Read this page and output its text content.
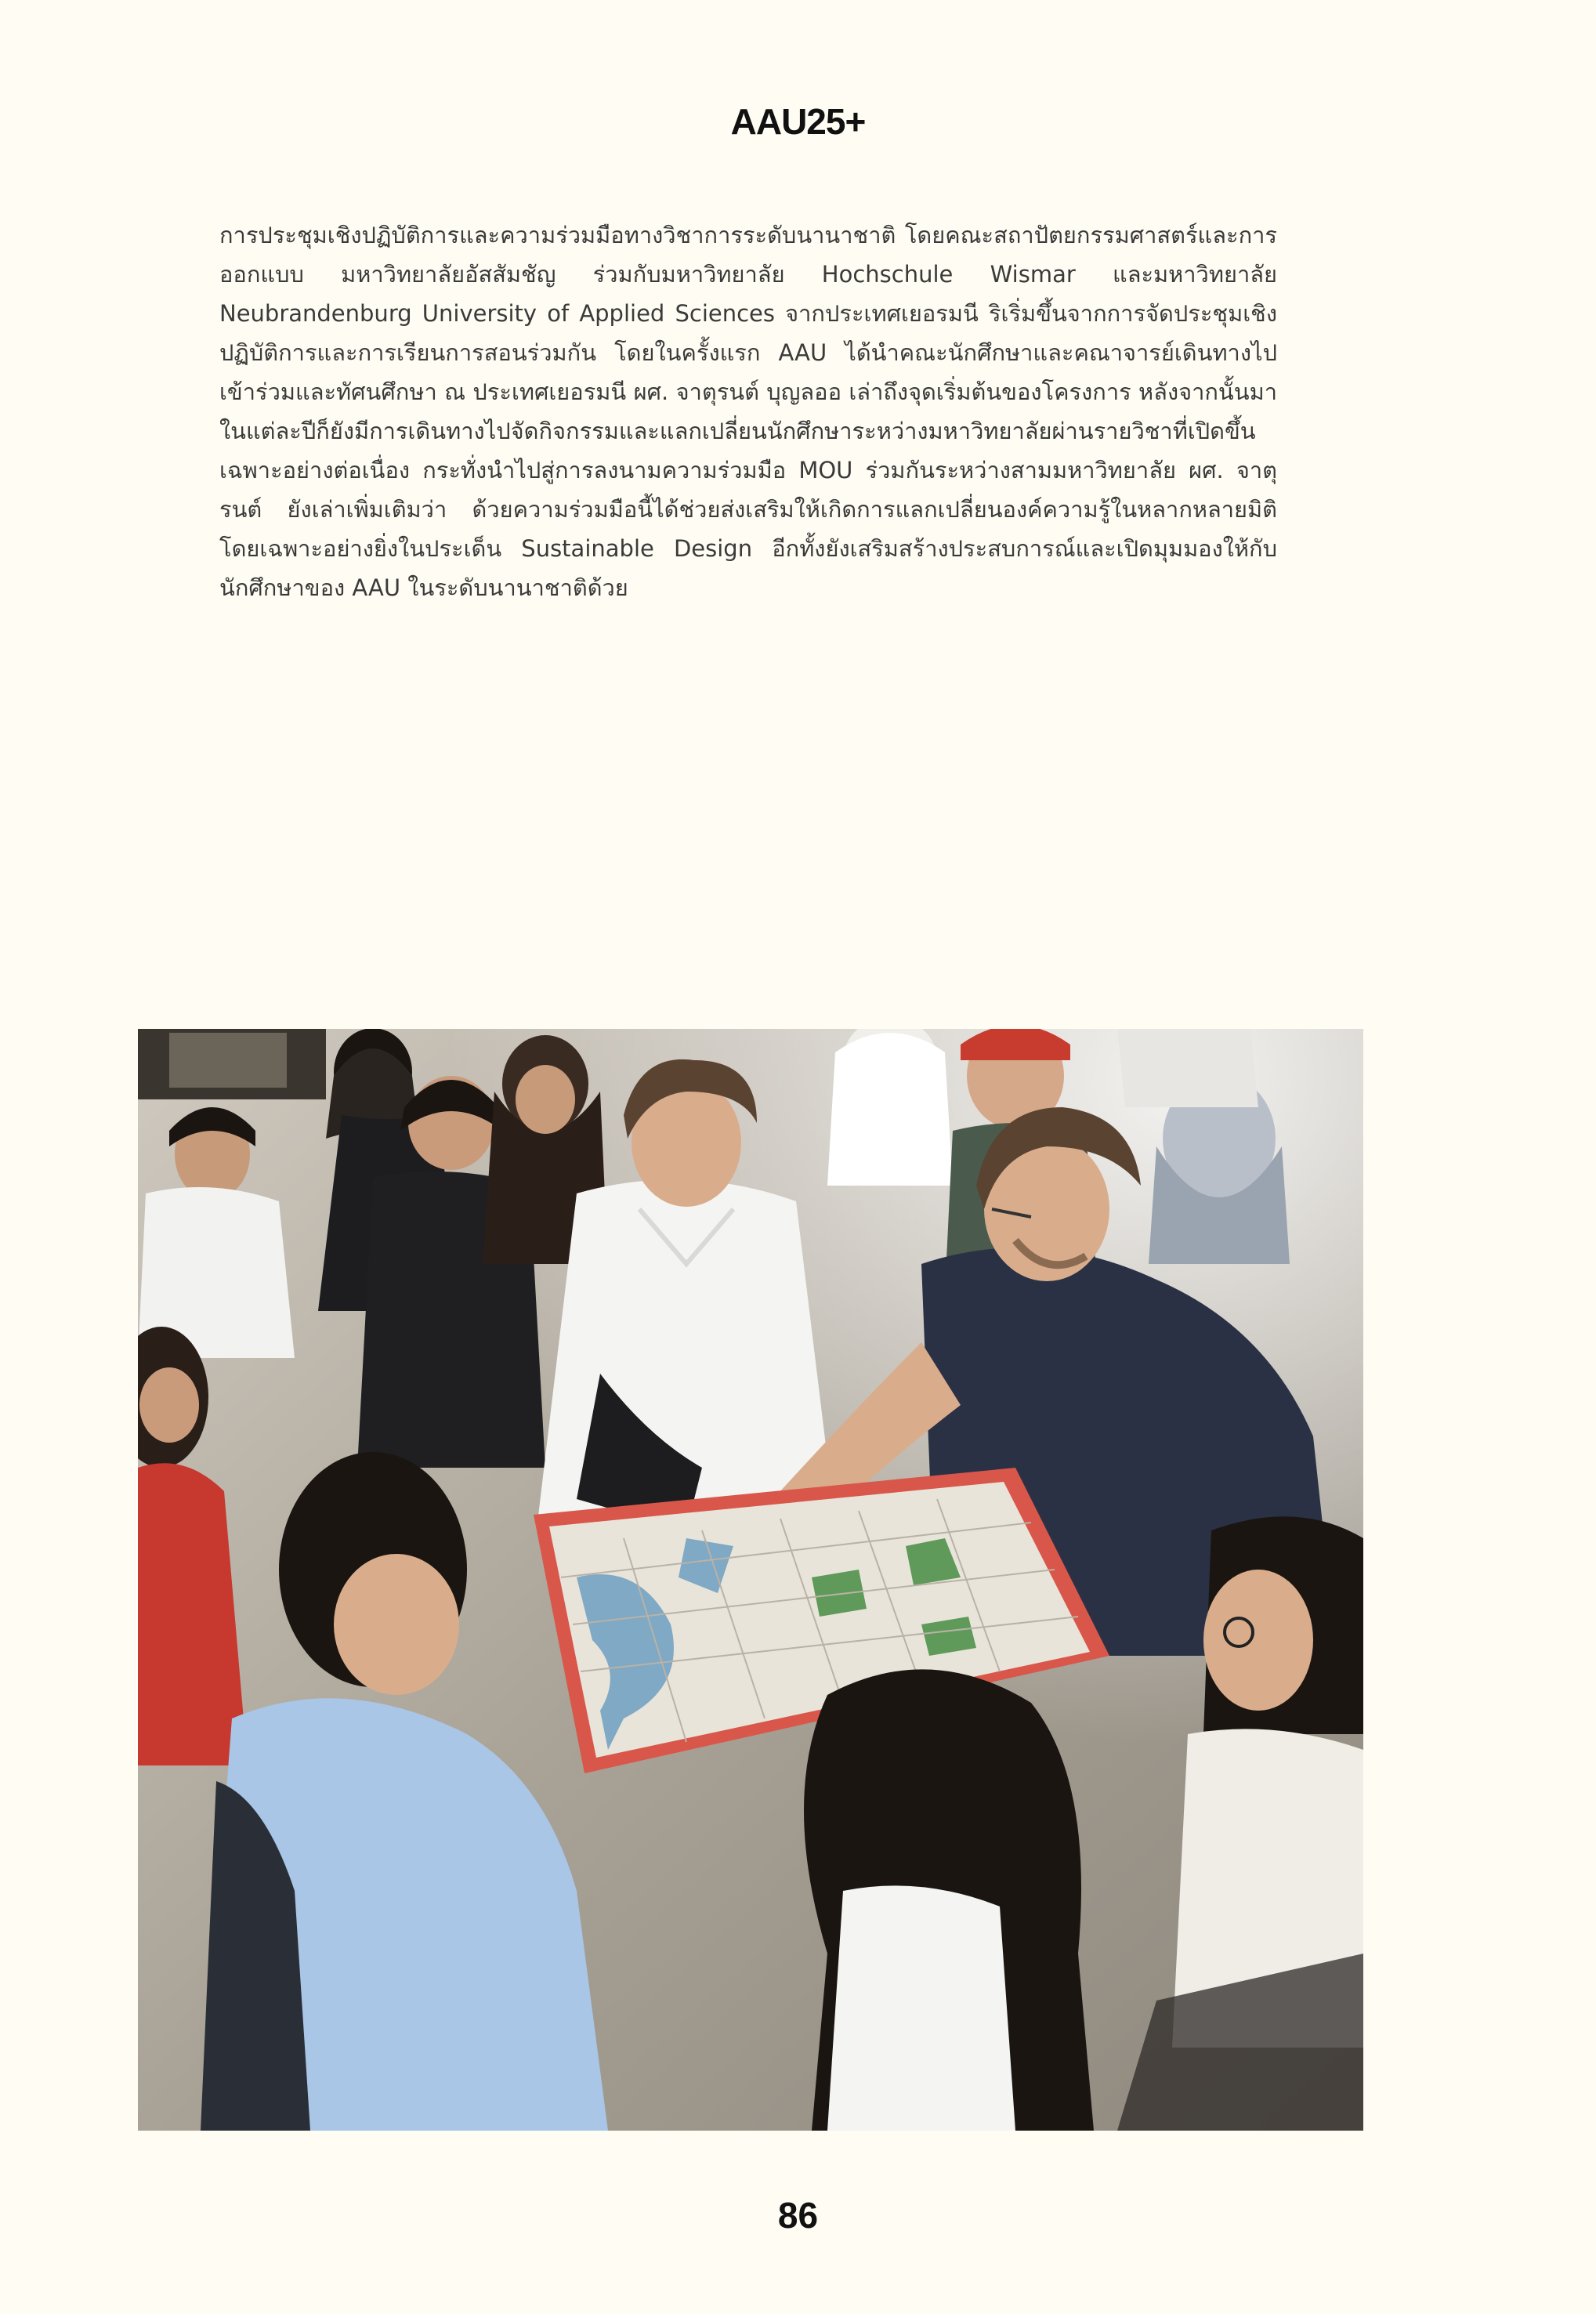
AAU25+

การประชุมเชิงปฏิบัติการและความร่วมมือทางวิชาการระดับนานาชาติ โดยคณะสถาปัตยกรรมศาสตร์และการออกแบบ มหาวิทยาลัยอัสสัมชัญ ร่วมกับมหาวิทยาลัย Hochschule Wismar และมหาวิทยาลัย Neubrandenburg University of Applied Sciences จากประเทศเยอรมนี ริเริ่มขึ้นจากการจัดประชุมเชิงปฏิบัติการและการเรียนการสอนร่วมกัน โดยในครั้งแรก AAU ได้นำคณะนักศึกษาและคณาจารย์เดินทางไปเข้าร่วมและทัศนศึกษา ณ ประเทศเยอรมนี ผศ. จาตุรนต์ บุญลออ เล่าถึงจุดเริ่มต้นของโครงการ หลังจากนั้นมาในแต่ละปีก็ยังมีการเดินทางไปจัดกิจกรรมและแลกเปลี่ยนนักศึกษาระหว่างมหาวิทยาลัยผ่านรายวิชาที่เปิดขึ้นเฉพาะอย่างต่อเนื่อง กระทั่งนำไปสู่การลงนามความร่วมมือ MOU ร่วมกันระหว่างสามมหาวิทยาลัย ผศ. จาตุรนต์ ยังเล่าเพิ่มเติมว่า ด้วยความร่วมมือนี้ได้ช่วยส่งเสริมให้เกิดการแลกเปลี่ยนองค์ความรู้ในหลากหลายมิติ โดยเฉพาะอย่างยิ่งในประเด็น Sustainable Design อีกทั้งยังเสริมสร้างประสบการณ์และเปิดมุมมองให้กับนักศึกษาของ AAU ในระดับนานาชาติด้วย

86
